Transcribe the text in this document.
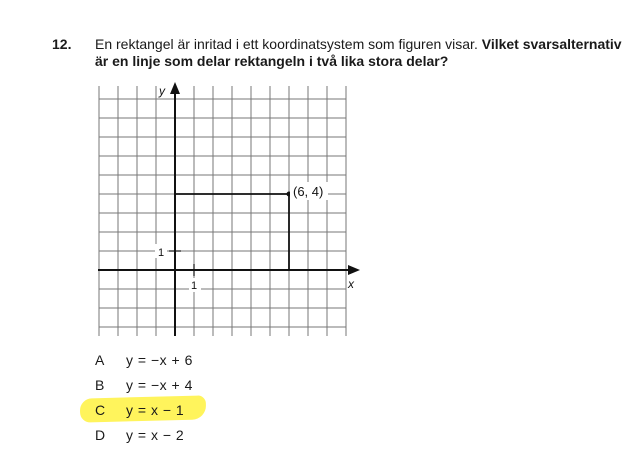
12. En rektangel är inritad i ett koordinatsystem som figuren visar. Vilket svarsalternativ är en linje som delar rektangeln i två lika stora delar?
(6, 4)
1
1
y
x
A	y = −x + 6
B	y = −x + 4
C	y = x − 1
D	y = x − 2
